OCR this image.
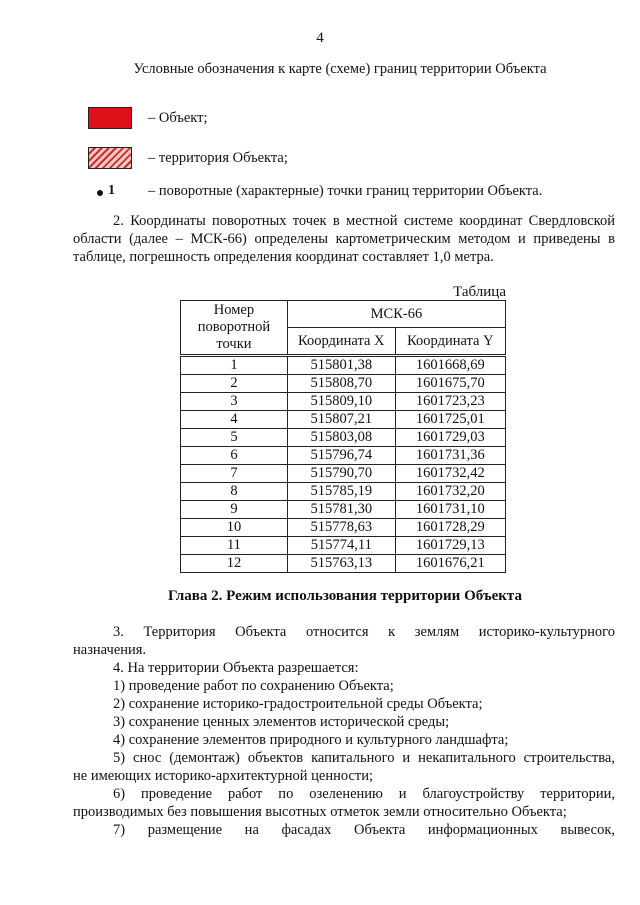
4
Условные обозначения к карте (схеме) границ территории Объекта
– Объект;
– территория Объекта;
1 – поворотные (характерные) точки границ территории Объекта.
2. Координаты поворотных точек в местной системе координат Свердловской области (далее – МСК-66) определены картометрическим методом и приведены в таблице, погрешность определения координат составляет 1,0 метра.
Таблица
Номер поворотной точки	МСК-66	
	Координата X	Координата Y
1	515801,38	1601668,69
2	515808,70	1601675,70
3	515809,10	1601723,23
4	515807,21	1601725,01
5	515803,08	1601729,03
6	515796,74	1601731,36
7	515790,70	1601732,42
8	515785,19	1601732,20
9	515781,30	1601731,10
10	515778,63	1601728,29
11	515774,11	1601729,13
12	515763,13	1601676,21
Глава 2. Режим использования территории Объекта
3. Территория Объекта относится к землям историко-культурного
назначения.
4. На территории Объекта разрешается:
1) проведение работ по сохранению Объекта;
2) сохранение историко-градостроительной среды Объекта;
3) сохранение ценных элементов исторической среды;
4) сохранение элементов природного и культурного ландшафта;
5) снос (демонтаж) объектов капитального и некапитального строительства,
не имеющих историко-архитектурной ценности;
6) проведение работ по озеленению и благоустройству территории,
производимых без повышения высотных отметок земли относительно Объекта;
7) размещение на фасадах Объекта информационных вывесок,
